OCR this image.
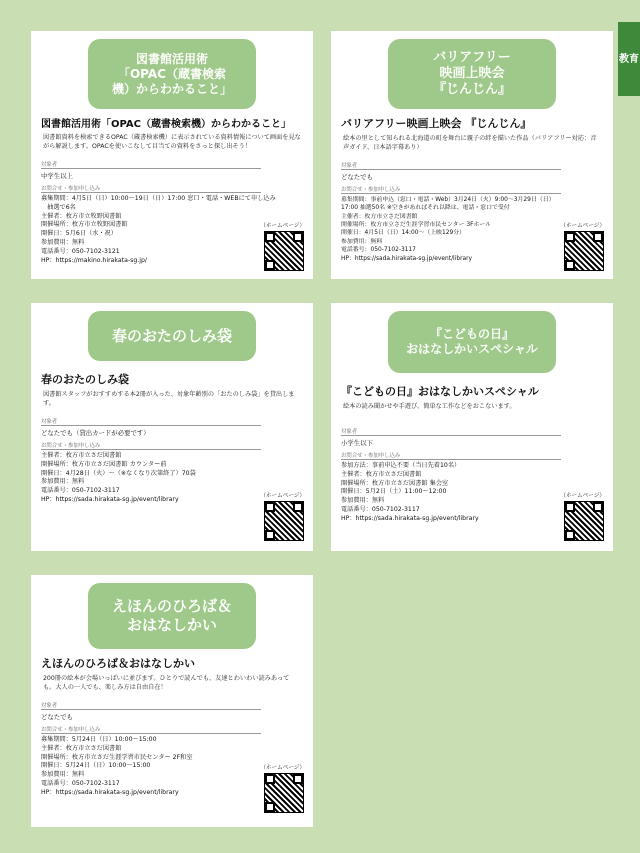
教育
図書館活用術
「OPAC（蔵書検索
機）からわかること」
図書館活用術「OPAC（蔵書検索機）からわかること」
図書館資料を検索できるOPAC（蔵書検索機）に表示されている資料情報について画面を見ながら解説します。OPACを使いこなして目当ての資料をさっと探し出そう！
対象者
中学生以上
お問合せ・参加申し込み
募集期間：4月5日（日）10:00〜19日（日）17:00 窓口・電話・WEBにて申し込み
　抽選で6名
主催者：枚方市立牧野図書館
開催場所：枚方市立牧野図書館
開催日：5月6日（水・祝）
参加費用：無料
電話番号：050-7102-3121
HP：https://makino.hirakata-sg.jp/
（ホームページ）
バリアフリー
映画上映会
『じんじん』
バリアフリー映画上映会 『じんじん』
絵本の里として知られる北海道の町を舞台に親子の絆を描いた作品（バリアフリー対応：音声ガイド、日本語字幕あり）
対象者
どなたでも
お問合せ・参加申し込み
募集期間：事前申込（窓口・電話・Web）3月24日（火）9:00〜3月29日（日）
17:00 抽選50名 ※空きがあればそれ以降は、電話・窓口で受付
主催者：枚方市立さだ図書館
開催場所：枚方市立さだ生涯学習市民センター 3Fホール
開催日：4月5日（日）14:00〜（上映129分）
参加費用：無料
電話番号：050-7102-3117
HP：https://sada.hirakata-sg.jp/event/library
（ホームページ）
春のおたのしみ袋
春のおたのしみ袋
図書館スタッフがおすすめする本2冊が入った、対象年齢別の「おたのしみ袋」を貸出します。
対象者
どなたでも（貸出カードが必要です）
お問合せ・参加申し込み
主催者：枚方市立さだ図書館
開催場所：枚方市立さだ図書館 カウンター前
開催日：4月28日（火）〜（※なくなり次第終了）70袋
参加費用：無料
電話番号：050-7102-3117
HP：https://sada.hirakata-sg.jp/event/library	（ホームページ）
『こどもの日』
おはなしかいスペシャル
『こどもの日』おはなしかいスペシャル
絵本の読み聞かせや手遊び、簡単な工作などをおこないます。
対象者
小学生以下
お問合せ・参加申し込み
参加方法：事前申込不要（当日先着10名）
主催者：枚方市立さだ図書館
開催場所：枚方市立さだ図書館 集会室
開催日：5月2日（土）11:00〜12:00
参加費用：無料
電話番号：050-7102-3117
HP：https://sada.hirakata-sg.jp/event/library
（ホームページ）
えほんのひろば＆
おはなしかい
えほんのひろば＆おはなしかい
200冊の絵本が会場いっぱいに並びます。ひとりで読んでも、友達とわいわい読みあっても。大人の一人でも、楽しみ方は自由自在！
対象者
どなたでも
お問合せ・参加申し込み
募集期間：5月24日（日）10:00〜15:00
主催者：枚方市立さだ図書館
開催場所：枚方市立さだ生涯学習市民センター 2F和室
開催日：5月24日（日）10:00〜15:00
参加費用：無料
電話番号：050-7102-3117
HP：https://sada.hirakata-sg.jp/event/library
（ホームページ）
